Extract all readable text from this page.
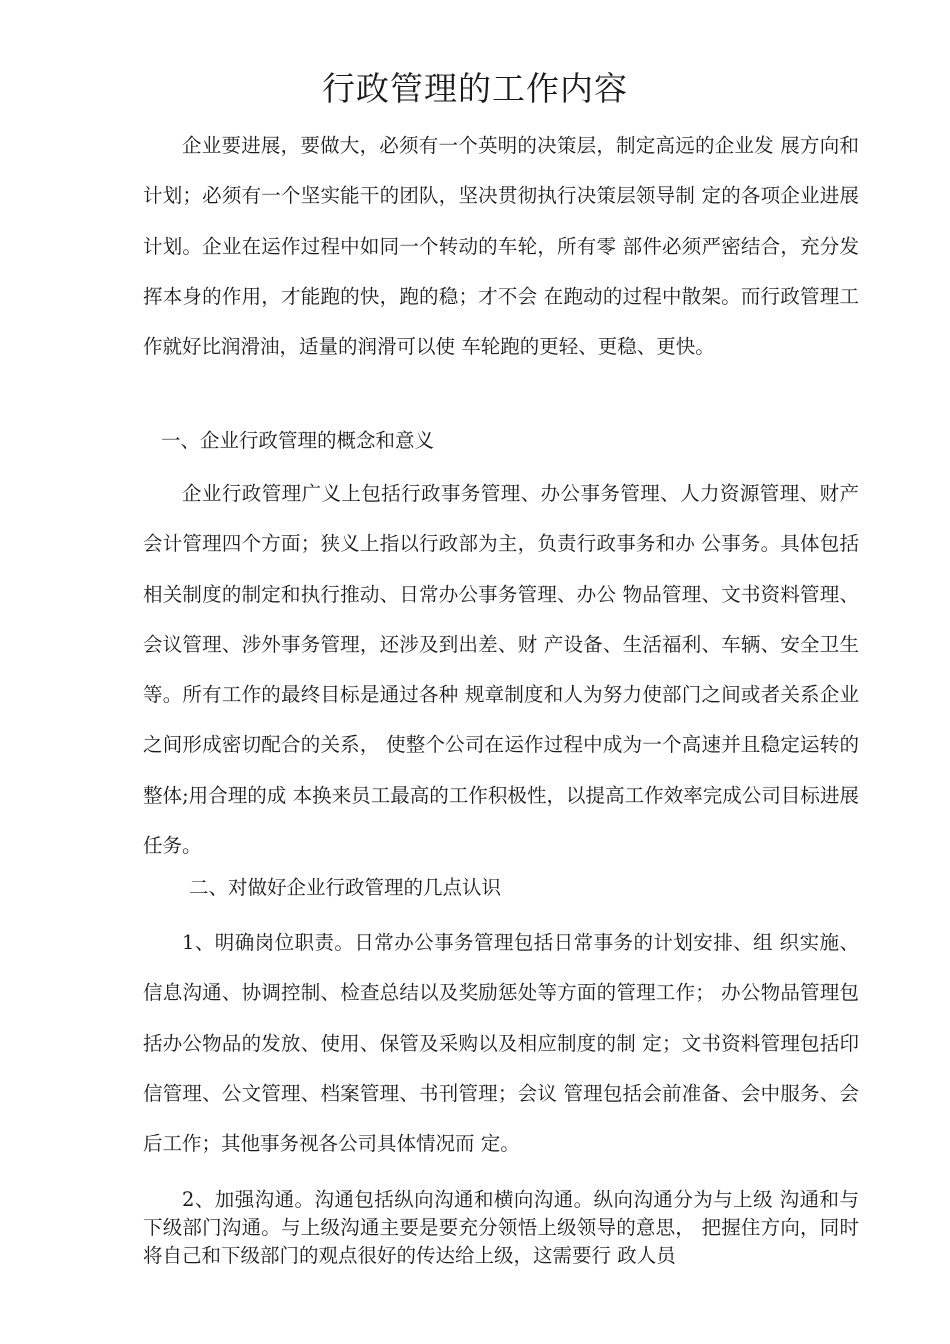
行政管理的工作内容
企业要进展，要做大，必须有一个英明的决策层，制定高远的企业发 展方向和计划；必须有一个坚实能干的团队，坚决贯彻执行决策层领导制 定的各项企业进展计划。企业在运作过程中如同一个转动的车轮，所有零 部件必须严密结合，充分发挥本身的作用，才能跑的快，跑的稳；才不会 在跑动的过程中散架。而行政管理工作就好比润滑油，适量的润滑可以使 车轮跑的更轻、更稳、更快。
一、企业行政管理的概念和意义
企业行政管理广义上包括行政事务管理、办公事务管理、人力资源管理、财产会计管理四个方面；狭义上指以行政部为主，负责行政事务和办 公事务。具体包括相关制度的制定和执行推动、日常办公事务管理、办公 物品管理、文书资料管理、会议管理、涉外事务管理，还涉及到出差、财 产设备、生活福利、车辆、安全卫生等。所有工作的最终目标是通过各种 规章制度和人为努力使部门之间或者关系企业之间形成密切配合的关系， 使整个公司在运作过程中成为一个高速并且稳定运转的整体;用合理的成 本换来员工最高的工作积极性，以提高工作效率完成公司目标进展任务。
二、对做好企业行政管理的几点认识
1、明确岗位职责。日常办公事务管理包括日常事务的计划安排、组 织实施、信息沟通、协调控制、检查总结以及奖励惩处等方面的管理工作； 办公物品管理包括办公物品的发放、使用、保管及采购以及相应制度的制 定；文书资料管理包括印信管理、公文管理、档案管理、书刊管理；会议 管理包括会前准备、会中服务、会后工作；其他事务视各公司具体情况而 定。
2、加强沟通。沟通包括纵向沟通和横向沟通。纵向沟通分为与上级 沟通和与下级部门沟通。与上级沟通主要是要充分领悟上级领导的意思， 把握住方向，同时将自己和下级部门的观点很好的传达给上级，这需要行 政人员
